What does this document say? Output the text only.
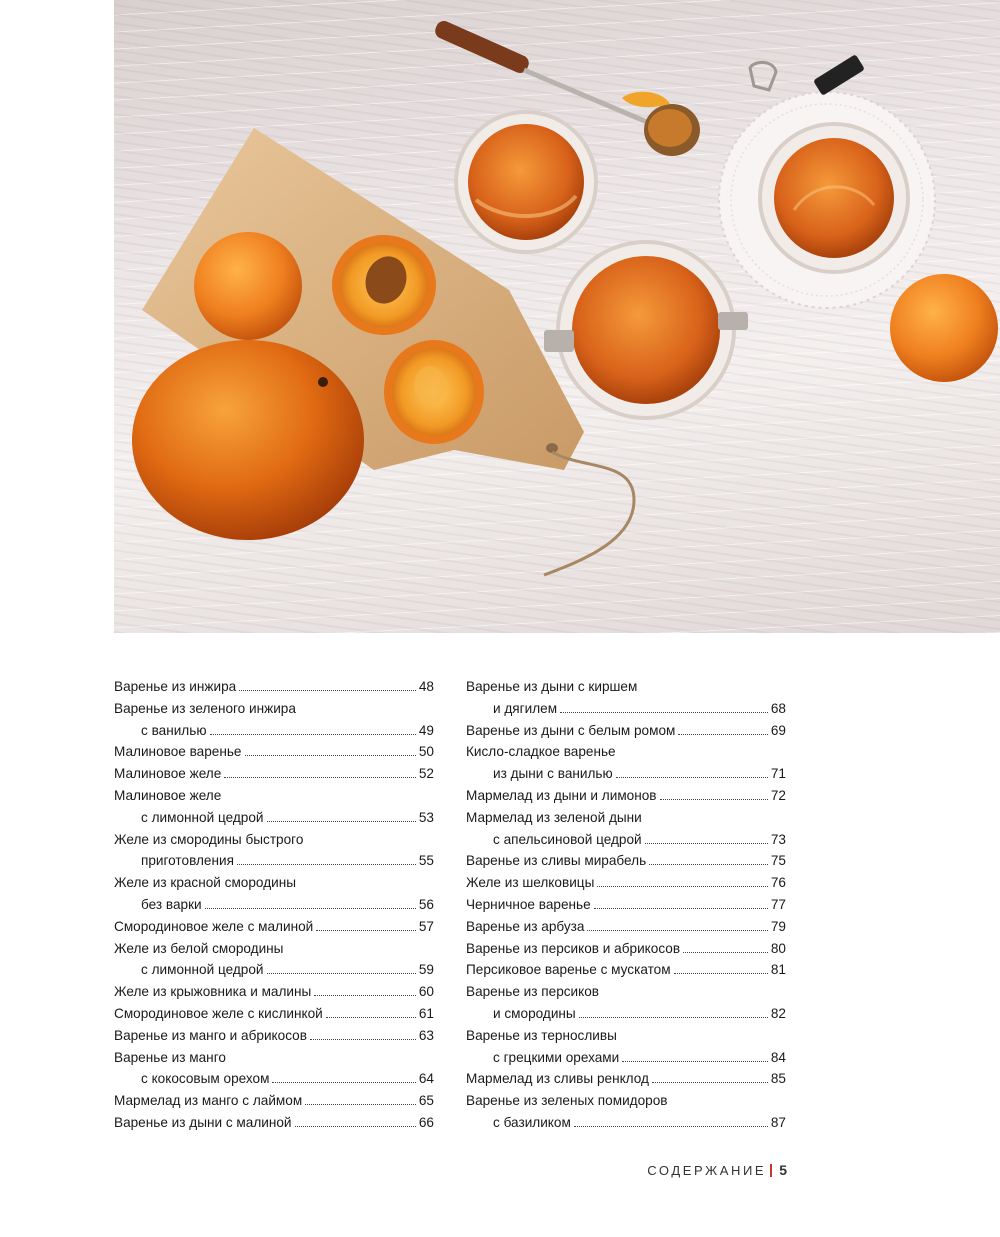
Варенье из инжира	48
Варенье из зеленого инжира
с ванилью	49
Малиновое варенье	50
Малиновое желе	52
Малиновое желе
с лимонной цедрой	53
Желе из смородины быстрого
приготовления	55
Желе из красной смородины
без варки	56
Смородиновое желе с малиной	57
Желе из белой смородины
с лимонной цедрой	59
Желе из крыжовника и малины	60
Смородиновое желе с кислинкой	61
Варенье из манго и абрикосов	63
Варенье из манго
с кокосовым орехом	64
Мармелад из манго с лаймом	65
Варенье из дыни с малиной	66
Варенье из дыни с киршем
и дягилем	68
Варенье из дыни с белым ромом	69
Кисло-сладкое варенье
из дыни с ванилью	71
Мармелад из дыни и лимонов	72
Мармелад из зеленой дыни
с апельсиновой цедрой	73
Варенье из сливы мирабель	75
Желе из шелковицы	76
Черничное варенье	77
Варенье из арбуза	79
Варенье из персиков и абрикосов	80
Персиковое варенье с мускатом	81
Варенье из персиков
и смородины	82
Варенье из терносливы
с грецкими орехами	84
Мармелад из сливы ренклод	85
Варенье из зеленых помидоров
с базиликом	87
СОДЕРЖАНИЕ 5
